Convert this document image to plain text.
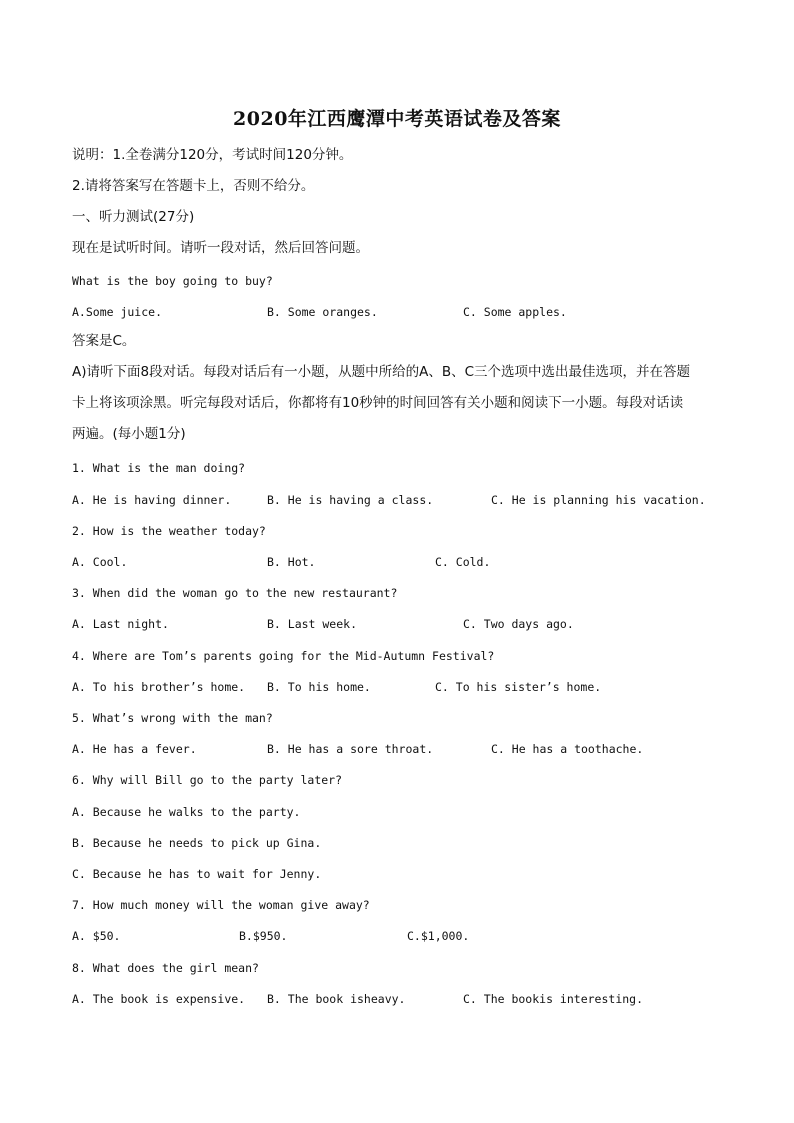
2020年江西鹰潭中考英语试卷及答案
说明：1.全卷满分120分，考试时间120分钟。
2.请将答案写在答题卡上，否则不给分。
一、听力测试(27分)
现在是试听时间。请听一段对话，然后回答问题。
What is the boy going to buy?
A.Some juice.	B. Some oranges.	C. Some apples.
答案是C。
A)请听下面8段对话。每段对话后有一小题，从题中所给的A、B、C三个选项中选出最佳选项，并在答题
卡上将该项涂黑。听完每段对话后，你都将有10秒钟的时间回答有关小题和阅读下一小题。每段对话读
两遍。(每小题1分)
1. What is the man doing?
A. He is having dinner.	B. He is having a class.	C. He is planning his vacation.
2. How is the weather today?
A. Cool.	B. Hot.	C. Cold.
3. When did the woman go to the new restaurant?
A. Last night.	B. Last week.	C. Two days ago.
4. Where are Tom’s parents going for the Mid-Autumn Festival?
A. To his brother’s home. B. To his home.	C. To his sister’s home.
5. What’s wrong with the man?
A. He has a fever.	B. He has a sore throat.	C. He has a toothache.
6. Why will Bill go to the party later?
A. Because he walks to the party.
B. Because he needs to pick up Gina.
C. Because he has to wait for Jenny.
7. How much money will the woman give away?
A. $50.	B.$950.	C.$1,000.
8. What does the girl mean?
A. The book is expensive. B. The book isheavy.	C. The bookis interesting.
